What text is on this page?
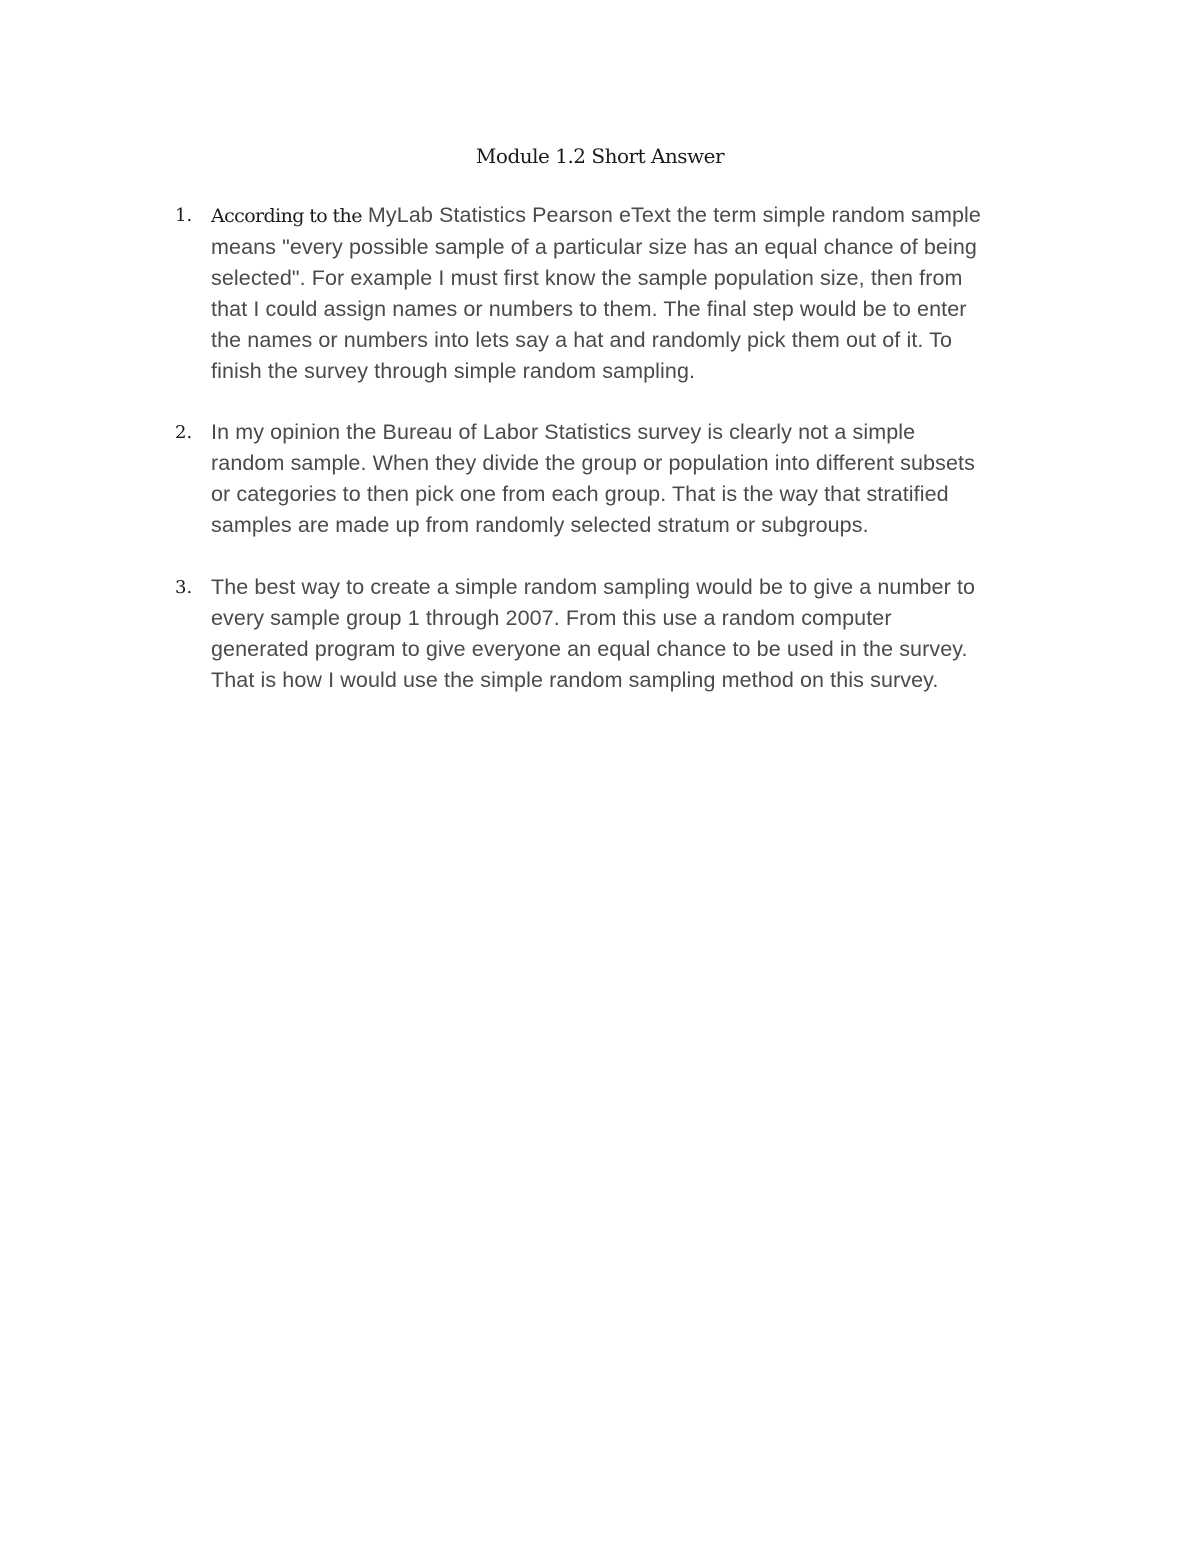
Module 1.2 Short Answer
1. According to the MyLab Statistics Pearson eText the term simple random sample
means "every possible sample of a particular size has an equal chance of being
selected". For example I must first know the sample population size, then from
that I could assign names or numbers to them. The final step would be to enter
the names or numbers into lets say a hat and randomly pick them out of it. To
finish the survey through simple random sampling.
2. In my opinion the Bureau of Labor Statistics survey is clearly not a simple
random sample. When they divide the group or population into different subsets
or categories to then pick one from each group. That is the way that stratified
samples are made up from randomly selected stratum or subgroups.
3. The best way to create a simple random sampling would be to give a number to
every sample group 1 through 2007. From this use a random computer
generated program to give everyone an equal chance to be used in the survey.
That is how I would use the simple random sampling method on this survey.
